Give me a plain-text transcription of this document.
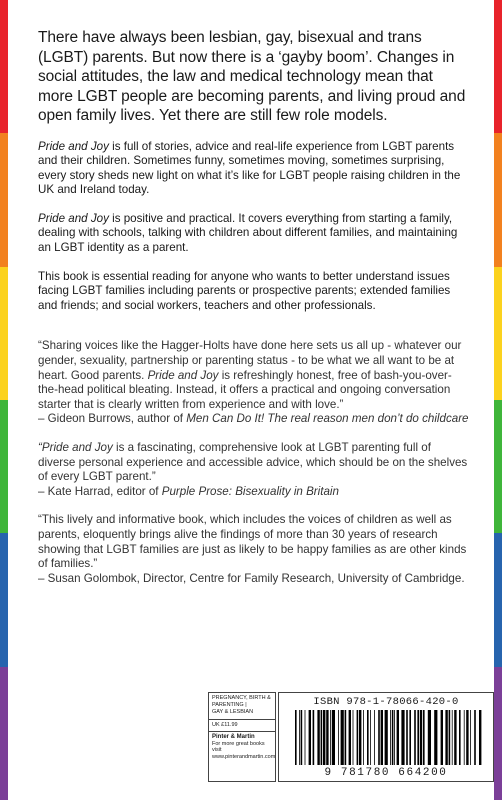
There have always been lesbian, gay, bisexual and trans (LGBT) parents. But now there is a ‘gayby boom’. Changes in social attitudes, the law and medical technology mean that more LGBT people are becoming parents, and living proud and open family lives. Yet there are still few role models.

Pride and Joy is full of stories, advice and real-life experience from LGBT parents and their children. Sometimes funny, sometimes moving, sometimes surprising, every story sheds new light on what it’s like for LGBT people raising children in the UK and Ireland today.

Pride and Joy is positive and practical. It covers everything from starting a family, dealing with schools, talking with children about different families, and maintaining an LGBT identity as a parent.

This book is essential reading for anyone who wants to better understand issues facing LGBT families including parents or prospective parents; extended families and friends; and social workers, teachers and other professionals.

“Sharing voices like the Hagger-Holts have done here sets us all up - whatever our gender, sexuality, partnership or parenting status - to be what we all want to be at heart. Good parents. Pride and Joy is refreshingly honest, free of bash-you-over-the-head political bleating. Instead, it offers a practical and ongoing conversation starter that is clearly written from experience and with love.”

– Gideon Burrows, author of Men Can Do It! The real reason men don’t do childcare

“Pride and Joy is a fascinating, comprehensive look at LGBT parenting full of diverse personal experience and accessible advice, which should be on the shelves of every LGBT parent.”

– Kate Harrad, editor of Purple Prose: Bisexuality in Britain

“This lively and informative book, which includes the voices of children as well as parents, eloquently brings alive the findings of more than 30 years of research showing that LGBT families are just as likely to be happy families as are other kinds of families.”

– Susan Golombok, Director, Centre for Family Research, University of Cambridge.

PREGNANCY, BIRTH &
PARENTING |
GAY & LESBIAN
UK £11.99
Pinter & Martin
For more great books visit
www.pinterandmartin.com
ISBN 978-1-78066-420-0
9 781780 664200
